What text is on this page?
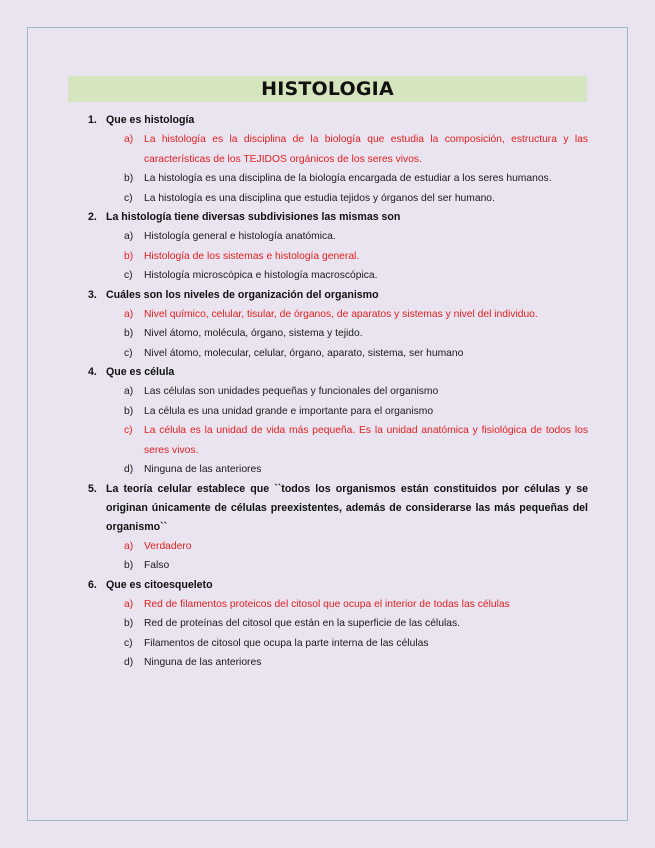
HISTOLOGIA
1. Que es histología
a) La histología es la disciplina de la biología que estudia la composición, estructura y las características de los TEJIDOS orgánicos de los seres vivos.
b) La histología es una disciplina de la biología encargada de estudiar a los seres humanos.
c) La histología es una disciplina que estudia tejidos y órganos del ser humano.
2. La histología tiene diversas subdivisiones las mismas son
a) Histología general e histología anatómica.
b) Histología de los sistemas e histología general.
c) Histología microscópica e histología macroscópica.
3. Cuáles son los niveles de organización del organismo
a) Nivel químico, celular, tisular, de órganos, de aparatos y sistemas y nivel del individuo.
b) Nivel átomo, molécula, órgano, sistema y tejido.
c) Nivel átomo, molecular, celular, órgano, aparato, sistema, ser humano
4. Que es célula
a) Las células son unidades pequeñas y funcionales del organismo
b) La célula es una unidad grande e importante para el organismo
c) La célula es la unidad de vida más pequeña. Es la unidad anatómica y fisiológica de todos los seres vivos.
d) Ninguna de las anteriores
5. La teoría celular establece que ``todos los organismos están constituidos por células y se originan únicamente de células preexistentes, además de considerarse las más pequeñas del organismo``
a) Verdadero
b) Falso
6. Que es citoesqueleto
a) Red de filamentos proteicos del citosol que ocupa el interior de todas las células
b) Red de proteínas del citosol que están en la superficie de las células.
c) Filamentos de citosol que ocupa la parte interna de las células
d) Ninguna de las anteriores
